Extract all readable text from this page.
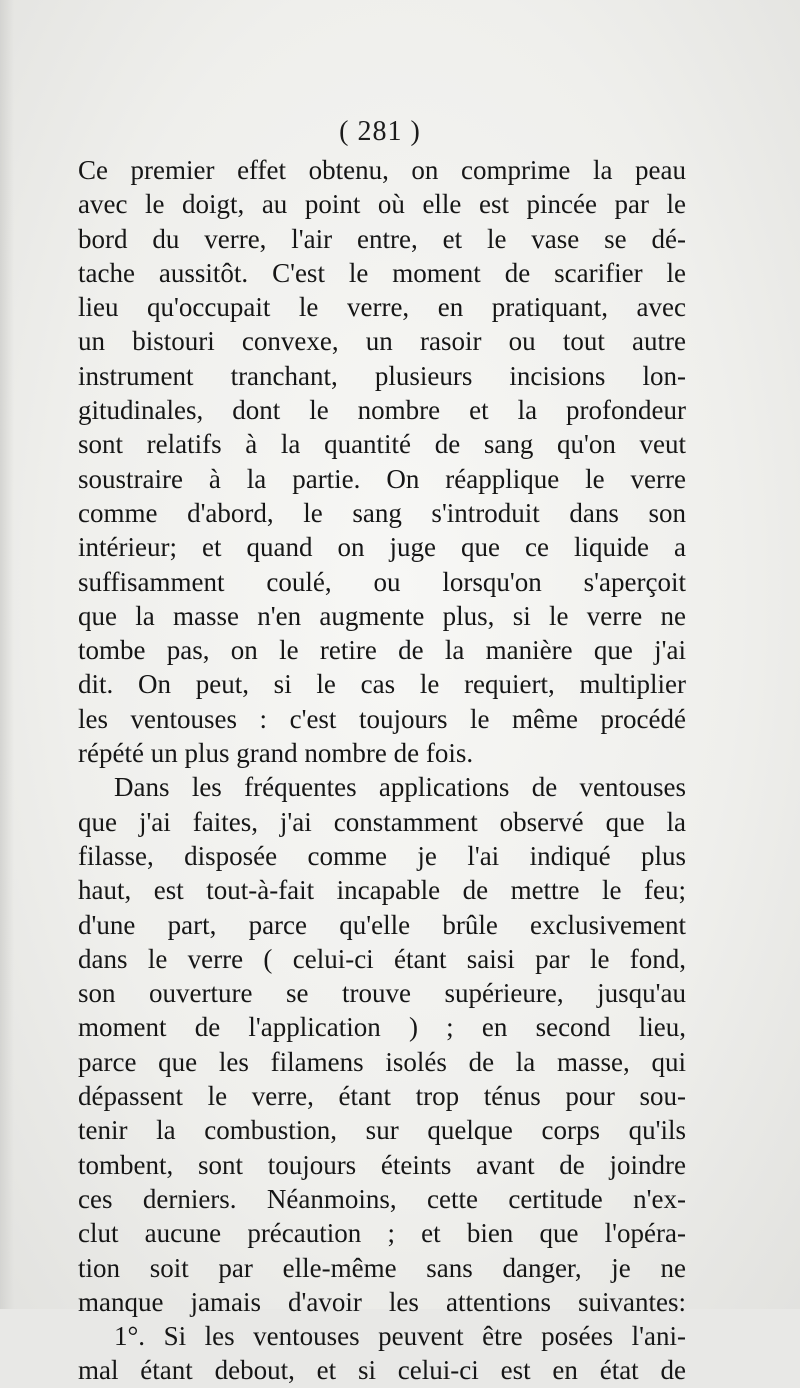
( 281 )
Ce premier effet obtenu, on comprime la peau
avec le doigt, au point où elle est pincée par le
bord du verre, l'air entre, et le vase se dé-
tache aussitôt. C'est le moment de scarifier le
lieu qu'occupait le verre, en pratiquant, avec
un bistouri convexe, un rasoir ou tout autre
instrument tranchant, plusieurs incisions lon-
gitudinales, dont le nombre et la profondeur
sont relatifs à la quantité de sang qu'on veut
soustraire à la partie. On réapplique le verre
comme d'abord, le sang s'introduit dans son
intérieur; et quand on juge que ce liquide a
suffisamment coulé, ou lorsqu'on s'aperçoit
que la masse n'en augmente plus, si le verre ne
tombe pas, on le retire de la manière que j'ai
dit. On peut, si le cas le requiert, multiplier
les ventouses : c'est toujours le même procédé
répété un plus grand nombre de fois.
Dans les fréquentes applications de ventouses
que j'ai faites, j'ai constamment observé que la
filasse, disposée comme je l'ai indiqué plus
haut, est tout-à-fait incapable de mettre le feu;
d'une part, parce qu'elle brûle exclusivement
dans le verre ( celui-ci étant saisi par le fond,
son ouverture se trouve supérieure, jusqu'au
moment de l'application ) ; en second lieu,
parce que les filamens isolés de la masse, qui
dépassent le verre, étant trop ténus pour sou-
tenir la combustion, sur quelque corps qu'ils
tombent, sont toujours éteints avant de joindre
ces derniers. Néanmoins, cette certitude n'ex-
clut aucune précaution ; et bien que l'opéra-
tion soit par elle-même sans danger, je ne
manque jamais d'avoir les attentions suivantes:
1°. Si les ventouses peuvent être posées l'ani-
mal étant debout, et si celui-ci est en état de
